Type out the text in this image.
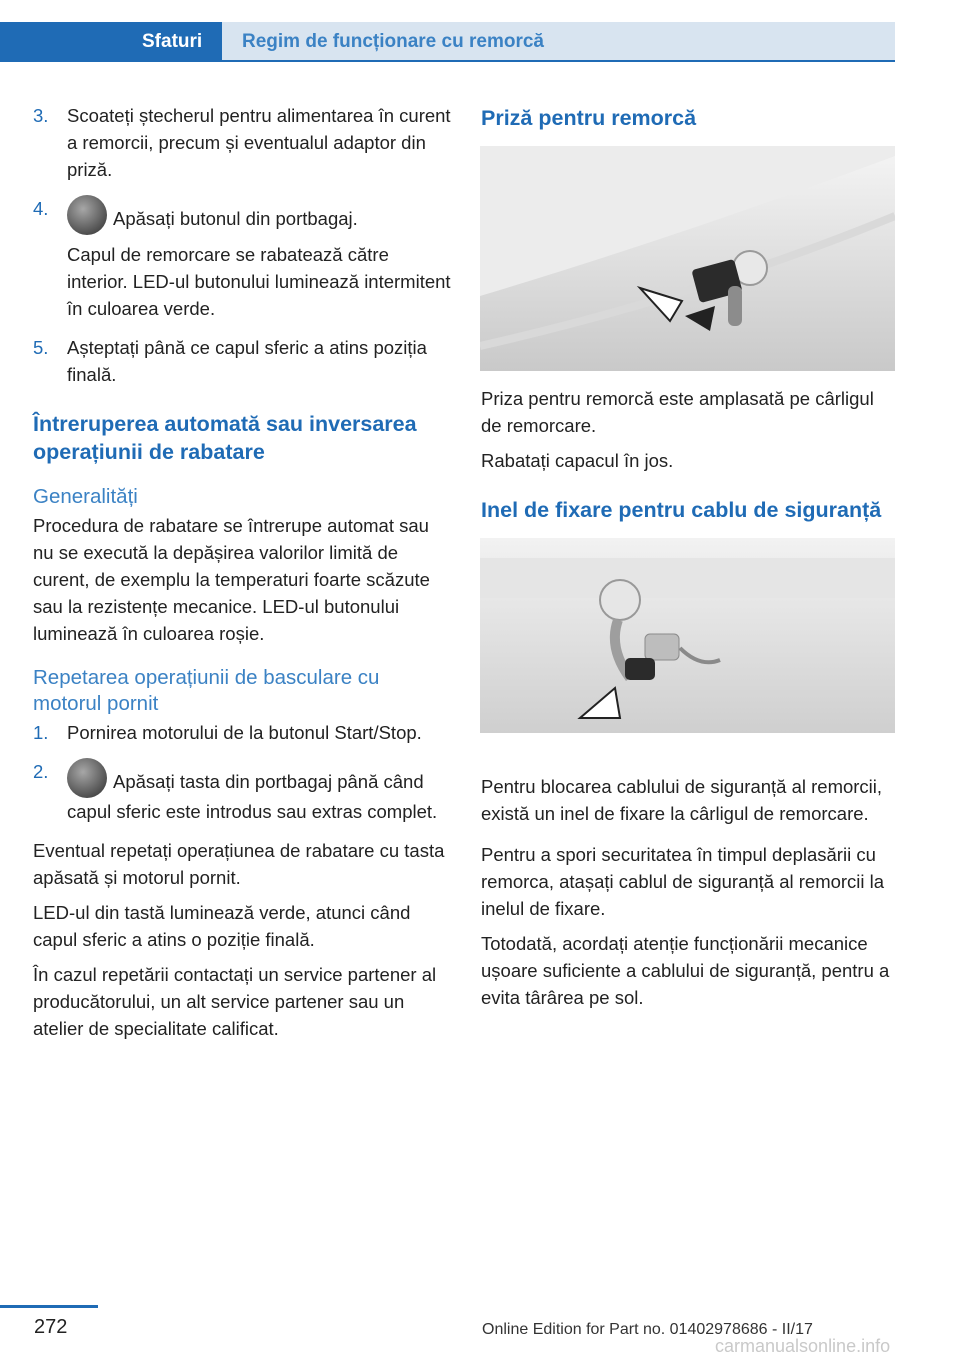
Sfaturi Regim de funcționare cu remorcă
3. Scoateți ștecherul pentru alimentarea în curent a remorcii, precum și eventualul adaptor din priză.

4.	Apăsați butonul din portbagaj.

Capul de remorcare se rabatează către interior. LED-ul butonului luminează intermitent în culoarea verde.

5. Așteptați până ce capul sferic a atins poziția finală.

Întreruperea automată sau inversarea operațiunii de rabatare
Generalități

Procedura de rabatare se întrerupe automat sau nu se execută la depășirea valorilor limită de curent, de exemplu la temperaturi foarte scăzute sau la rezistențe mecanice. LED-ul butonului luminează în culoarea roșie.

Repetarea operațiunii de basculare cu motorul pornit
1. Pornirea motorului de la butonul Start/Stop.

2.	Apăsați tasta din portbagaj până când capul sferic este introdus sau extras complet.

Eventual repetați operațiunea de rabatare cu tasta apăsată și motorul pornit.

LED-ul din tastă luminează verde, atunci când capul sferic a atins o poziție finală.

În cazul repetării contactați un service partener al producătorului, un alt service partener sau un atelier de specialitate calificat.

Priză pentru remorcă

Priza pentru remorcă este amplasată pe cârligul de remorcare.

Rabatați capacul în jos.

Inel de fixare pentru cablu de siguranță

Pentru blocarea cablului de siguranță al remorcii, există un inel de fixare la cârligul de remorcare.

Pentru a spori securitatea în timpul deplasării cu remorca, atașați cablul de siguranță al remorcii la inelul de fixare.

Totodată, acordați atenție funcționării mecanice ușoare suficiente a cablului de siguranță, pentru a evita târârea pe sol.

272	Online Edition for Part no. 01402978686 - II/17
carmanualsonline.info
